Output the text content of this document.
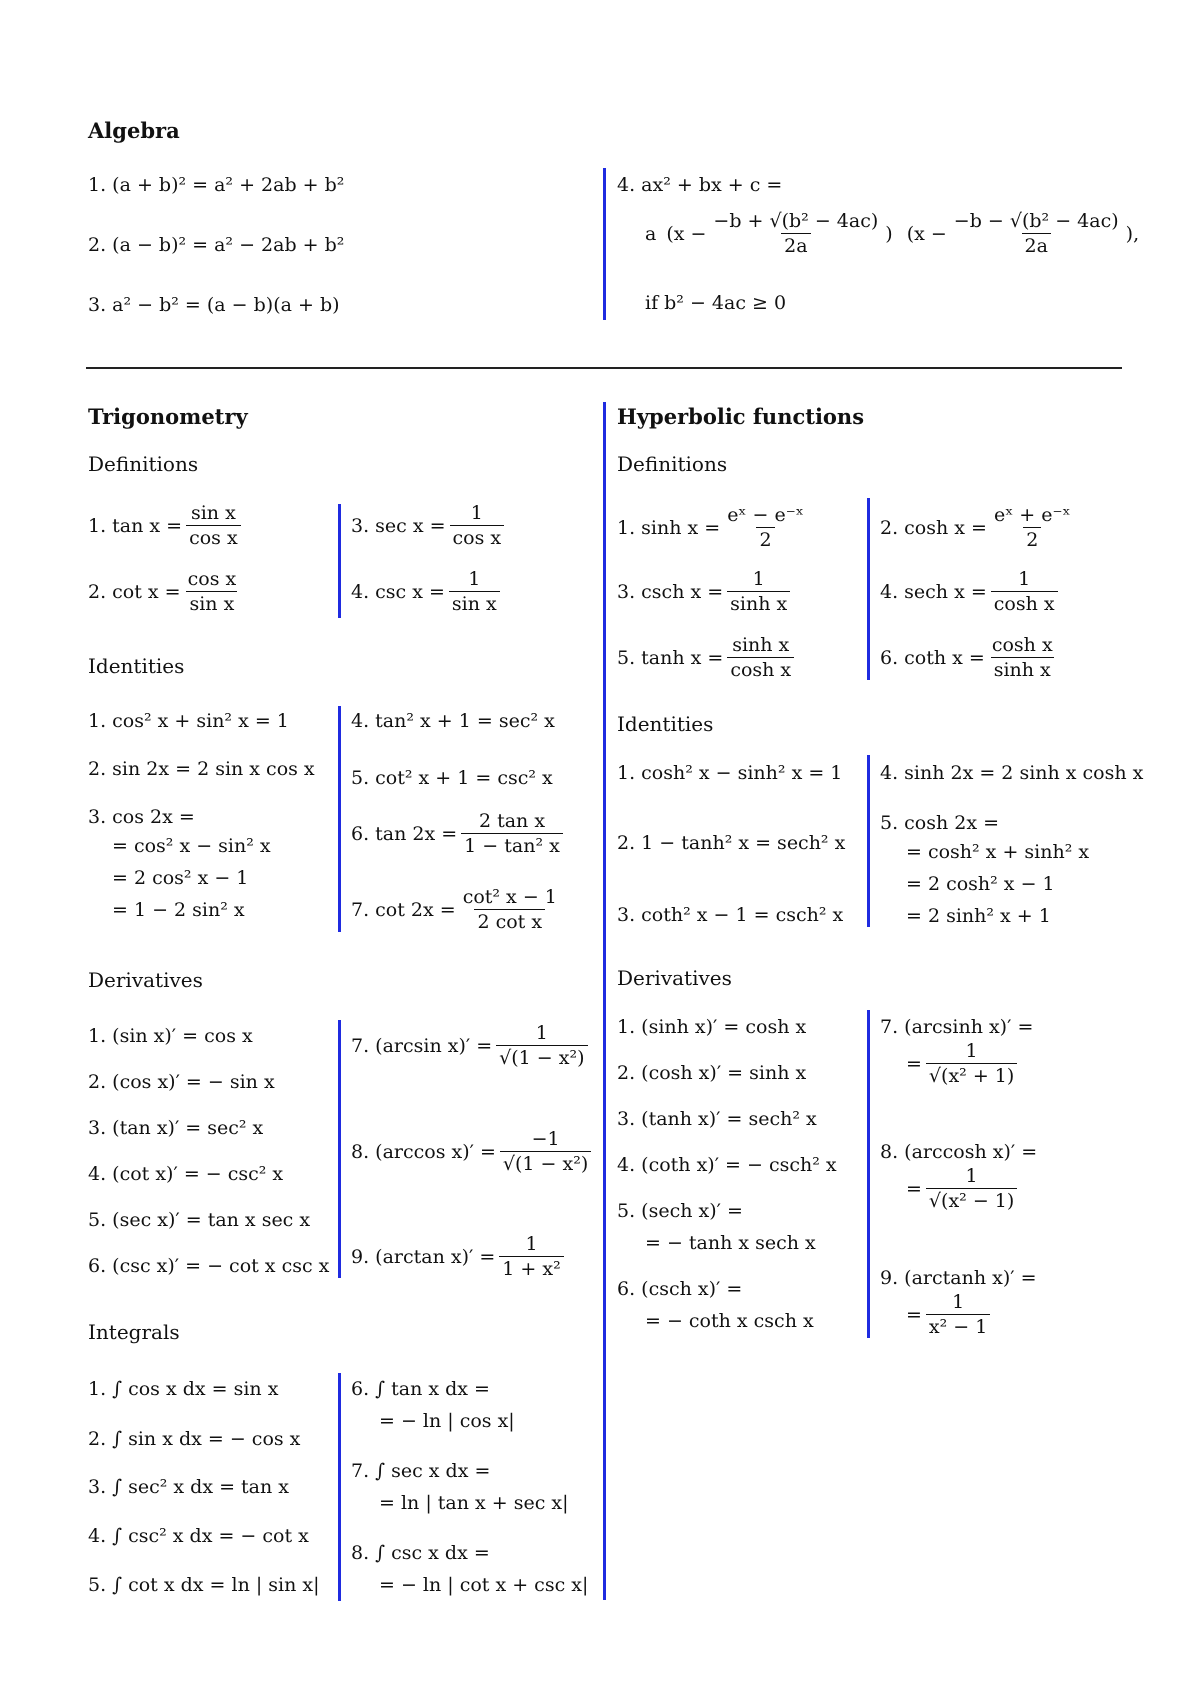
Algebra
1. (a + b)² = a² + 2ab + b²
2. (a − b)² = a² − 2ab + b²
3. a² − b² = (a − b)(a + b)
4. ax² + bx + c =
a ($x - \frac{\text{−b + √(b² − 4ac)}}{2a}$ ) ($x - \frac{\text{−b − √(b² − 4ac)}}{2a}$ ),
if b² − 4ac ≥ 0
Trigonometry
Definitions
1. $\tan x = \frac{\text{sin x}}{\text{cos x}}$
2. $\cot x = \frac{\text{cos x}}{\text{sin x}}$
3. $\sec x = \frac{1}{\text{cos x}}$
4. $\csc x = \frac{1}{\text{sin x}}$
Identities
1. cos² x + sin² x = 1
2. sin 2x = 2 sin x cos x
3. cos 2x =
= cos² x − sin² x
= 2 cos² x − 1
= 1 − 2 sin² x
4. tan² x + 1 = sec² x
5. cot² x + 1 = csc² x
6. $\tan 2x = \frac{\text{2 tan x}}{\text{1 − tan² x}}$
7. $\cot 2x = \frac{\text{cot² x − 1}}{\text{2 cot x}}$
Derivatives
1. (sin x)′ = cos x
2. (cos x)′ = − sin x
3. (tan x)′ = sec² x
4. (cot x)′ = − csc² x
5. (sec x)′ = tan x sec x
6. (csc x)′ = − cot x csc x
7. (arcsin $x)' = \frac{1}{\text{√(1 − x²)}}$
8. (arccos $x)' = \frac{-1}{\text{√(1 − x²)}}$
9. (arctan $x)' = \frac{1}{\text{1 + x²}}$
Integrals
1. ∫ cos x dx = sin x
2. ∫ sin x dx = − cos x
3. ∫ sec² x dx = tan x
4. ∫ csc² x dx = − cot x
5. ∫ cot x dx = ln | sin x|
6. ∫ tan x dx =
= − ln | cos x|
7. ∫ sec x dx =
= ln | tan x + sec x|
8. ∫ csc x dx =
= − ln | cot x + csc x|
Hyperbolic functions
Definitions
1. $\sinh x = \frac{\text{eˣ − e⁻ˣ}}{2}$
3. csch $x = \frac{1}{\text{sinh x}}$
5. $\tanh x = \frac{\text{sinh x}}{\text{cosh x}}$
2. $\cosh x = \frac{\text{eˣ + e⁻ˣ}}{2}$
4. sech $x = \frac{1}{\text{cosh x}}$
6. coth $x = \frac{\text{cosh x}}{\text{sinh x}}$
Identities
1. cosh² x − sinh² x = 1
2. 1 − tanh² x = sech² x
3. coth² x − 1 = csch² x
4. sinh 2x = 2 sinh x cosh x
5. cosh 2x =
= cosh² x + sinh² x
= 2 cosh² x − 1
= 2 sinh² x + 1
Derivatives
1. (sinh x)′ = cosh x
2. (cosh x)′ = sinh x
3. (tanh x)′ = sech² x
4. (coth x)′ = − csch² x
5. (sech x)′ =
= − tanh x sech x
6. (csch x)′ =
= − coth x csch x
7. (arcsinh x)′ =
= $\frac{1}{\text{√(x² + 1)}}$
8. (arccosh x)′ =
= $\frac{1}{\text{√(x² − 1)}}$
9. (arctanh x)′ =
= $\frac{1}{\text{x² − 1}}$
